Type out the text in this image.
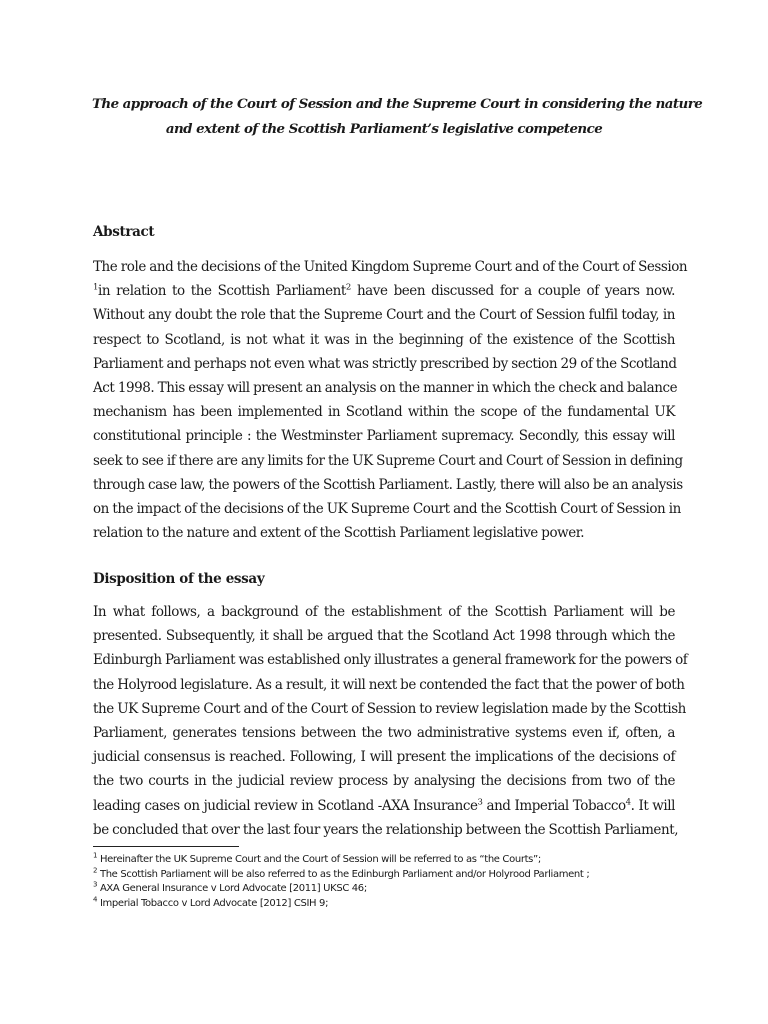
The approach of the Court of Session and the Supreme Court in considering the nature
and extent of the Scottish Parliament’s legislative competence
Abstract
The role and the decisions of the United Kingdom Supreme Court and of the Court of Session
$^1$in relation to the Scottish Parliament$^2$ have been discussed for a couple of years now.
Without any doubt the role that the Supreme Court and the Court of Session fulfil today, in
respect to Scotland, is not what it was in the beginning of the existence of the Scottish
Parliament and perhaps not even what was strictly prescribed by section 29 of the Scotland
Act 1998. This essay will present an analysis on the manner in which the check and balance
mechanism has been implemented in Scotland within the scope of the fundamental UK
constitutional principle : the Westminster Parliament supremacy. Secondly, this essay will
seek to see if there are any limits for the UK Supreme Court and Court of Session in defining
through case law, the powers of the Scottish Parliament. Lastly, there will also be an analysis
on the impact of the decisions of the UK Supreme Court and the Scottish Court of Session in
relation to the nature and extent of the Scottish Parliament legislative power.
Disposition of the essay
In what follows, a background of the establishment of the Scottish Parliament will be
presented. Subsequently, it shall be argued that the Scotland Act 1998 through which the
Edinburgh Parliament was established only illustrates a general framework for the powers of
the Holyrood legislature. As a result, it will next be contended the fact that the power of both
the UK Supreme Court and of the Court of Session to review legislation made by the Scottish
Parliament, generates tensions between the two administrative systems even if, often, a
judicial consensus is reached. Following, I will present the implications of the decisions of
the two courts in the judicial review process by analysing the decisions from two of the
leading cases on judicial review in Scotland -AXA Insurance$^3$ and Imperial Tobacco$^4$. It will
be concluded that over the last four years the relationship between the Scottish Parliament,
$^1$ Hereinafter the UK Supreme Court and the Court of Session will be referred to as “the Courts”;
$^2$ The Scottish Parliament will be also referred to as the Edinburgh Parliament and/or Holyrood Parliament ;
$^3$ AXA General Insurance v Lord Advocate [2011] UKSC 46;
$^4$ Imperial Tobacco v Lord Advocate [2012] CSIH 9;
